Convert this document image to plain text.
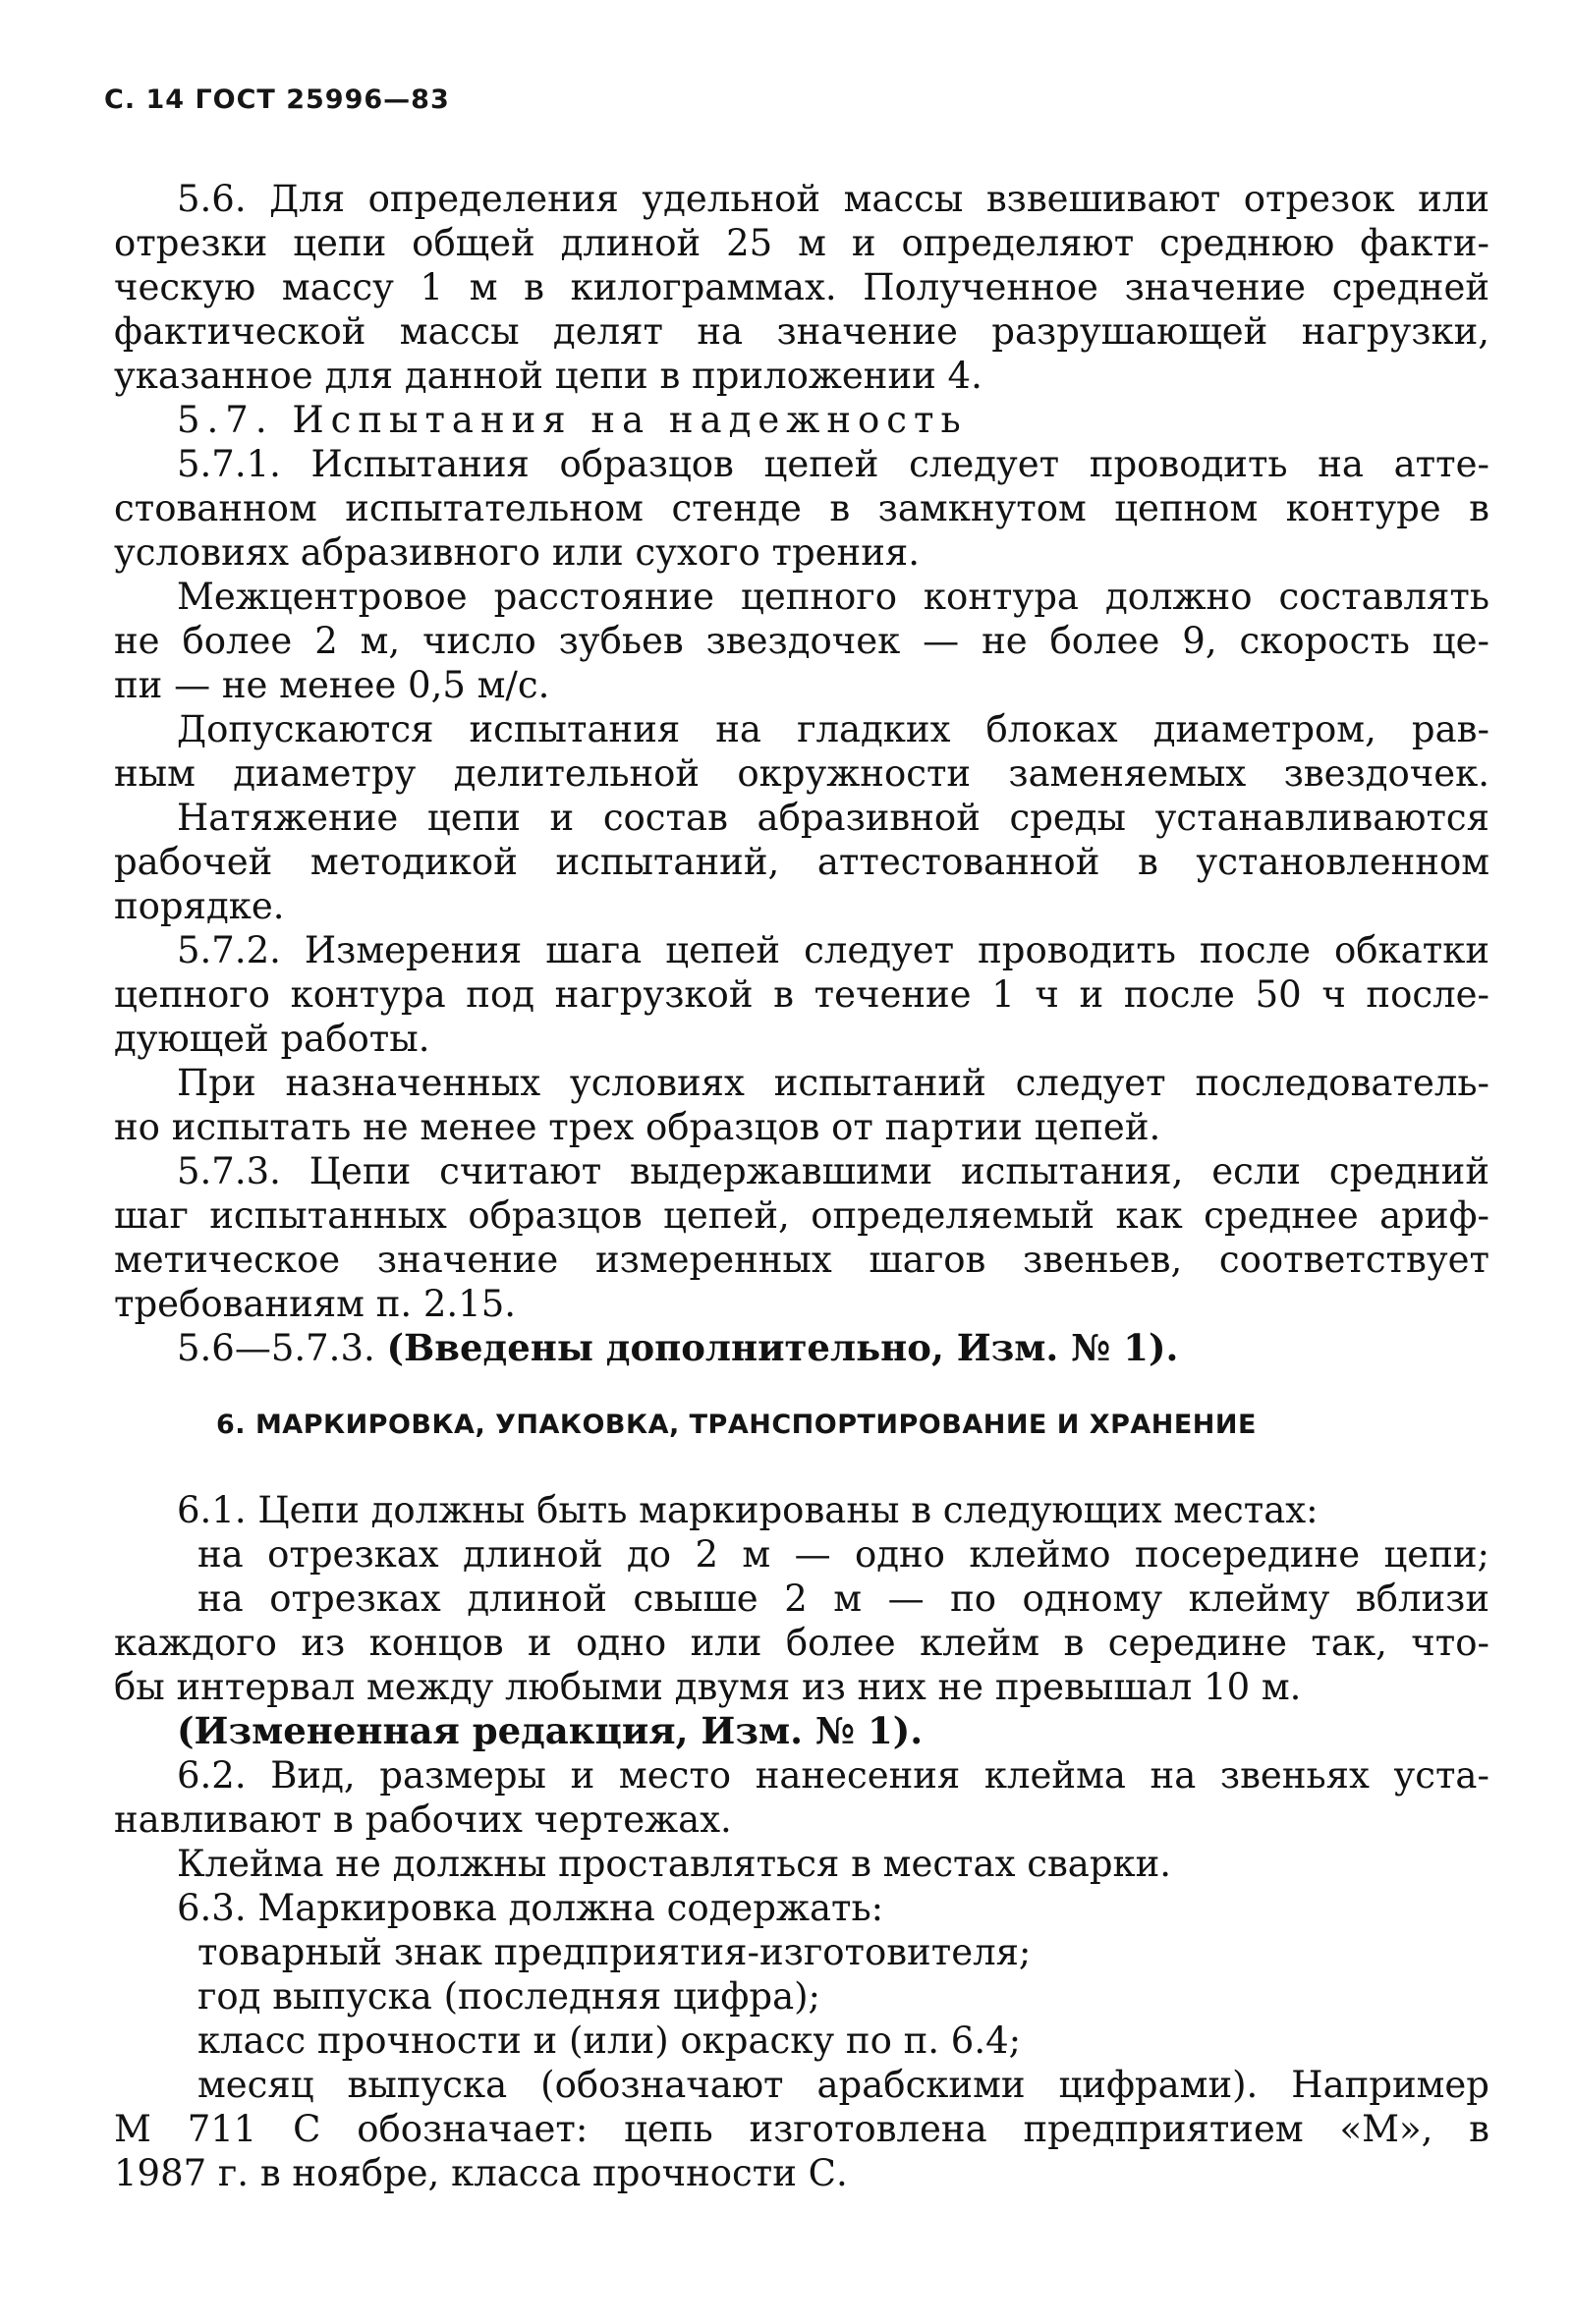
С. 14 ГОСТ 25996—83
5.6. Для определения удельной массы взвешивают отрезок или
отрезки цепи общей длиной 25 м и определяют среднюю факти-
ческую массу 1 м в килограммах. Полученное значение средней
фактической массы делят на значение разрушающей нагрузки,
указанное для данной цепи в приложении 4.
5.7. Испытания на надежность
5.7.1. Испытания образцов цепей следует проводить на атте-
стованном испытательном стенде в замкнутом цепном контуре в
условиях абразивного или сухого трения.
Межцентровое расстояние цепного контура должно составлять
не более 2 м, число зубьев звездочек — не более 9, скорость це-
пи — не менее 0,5 м/с.
Допускаются испытания на гладких блоках диаметром, рав-
ным диаметру делительной окружности заменяемых звездочек.
Натяжение цепи и состав абразивной среды устанавливаются
рабочей методикой испытаний, аттестованной в установленном
порядке.
5.7.2. Измерения шага цепей следует проводить после обкатки
цепного контура под нагрузкой в течение 1 ч и после 50 ч после-
дующей работы.
При назначенных условиях испытаний следует последователь-
но испытать не менее трех образцов от партии цепей.
5.7.3. Цепи считают выдержавшими испытания, если средний
шаг испытанных образцов цепей, определяемый как среднее ариф-
метическое значение измеренных шагов звеньев, соответствует
требованиям п. 2.15.
5.6—5.7.3. (Введены дополнительно, Изм. № 1).
6. МАРКИРОВКА, УПАКОВКА, ТРАНСПОРТИРОВАНИЕ И ХРАНЕНИЕ
6.1. Цепи должны быть маркированы в следующих местах:
на отрезках длиной до 2 м — одно клеймо посередине цепи;
на отрезках длиной свыше 2 м — по одному клейму вблизи
каждого из концов и одно или более клейм в середине так, что-
бы интервал между любыми двумя из них не превышал 10 м.
(Измененная редакция, Изм. № 1).
6.2. Вид, размеры и место нанесения клейма на звеньях уста-
навливают в рабочих чертежах.
Клейма не должны проставляться в местах сварки.
6.3. Маркировка должна содержать:
товарный знак предприятия-изготовителя;
год выпуска (последняя цифра);
класс прочности и (или) окраску по п. 6.4;
месяц выпуска (обозначают арабскими цифрами). Например
М 711 С обозначает: цепь изготовлена предприятием «М», в
1987 г. в ноябре, класса прочности С.
